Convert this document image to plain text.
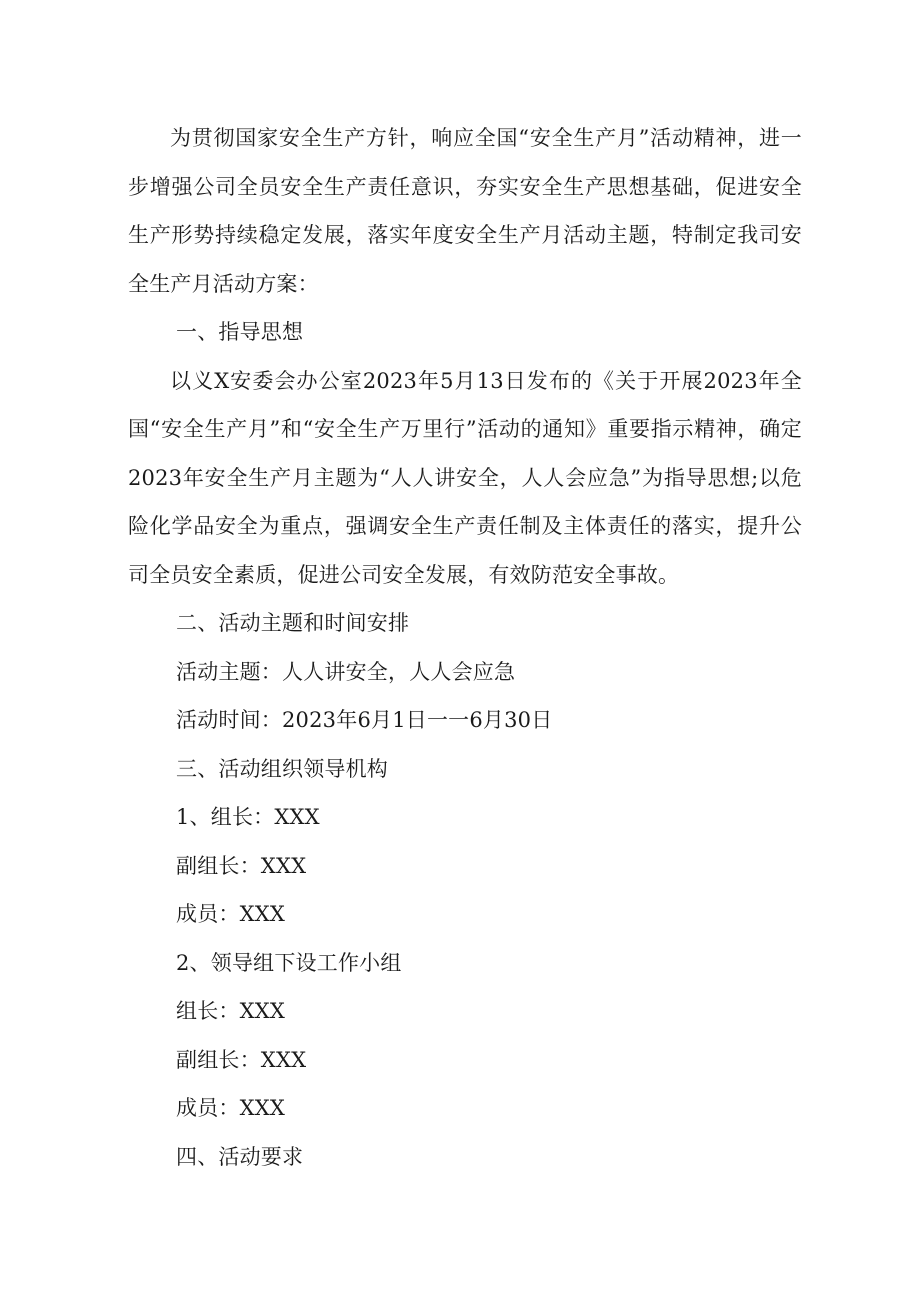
为贯彻国家安全生产方针，响应全国“安全生产月”活动精神，进一步增强公司全员安全生产责任意识，夯实安全生产思想基础，促进安全生产形势持续稳定发展，落实年度安全生产月活动主题，特制定我司安全生产月活动方案：

一、指导思想

以义X安委会办公室2023年5月13日发布的《关于开展2023年全国“安全生产月”和“安全生产万里行”活动的通知》重要指示精神，确定2023年安全生产月主题为“人人讲安全，人人会应急”为指导思想;以危险化学品安全为重点，强调安全生产责任制及主体责任的落实，提升公司全员安全素质，促进公司安全发展，有效防范安全事故。

二、活动主题和时间安排

活动主题：人人讲安全，人人会应急

活动时间：2023年6月1日一一6月30日

三、活动组织领导机构

1、组长：XXX

副组长：XXX

成员：XXX

2、领导组下设工作小组

组长：XXX

副组长：XXX

成员：XXX

四、活动要求
